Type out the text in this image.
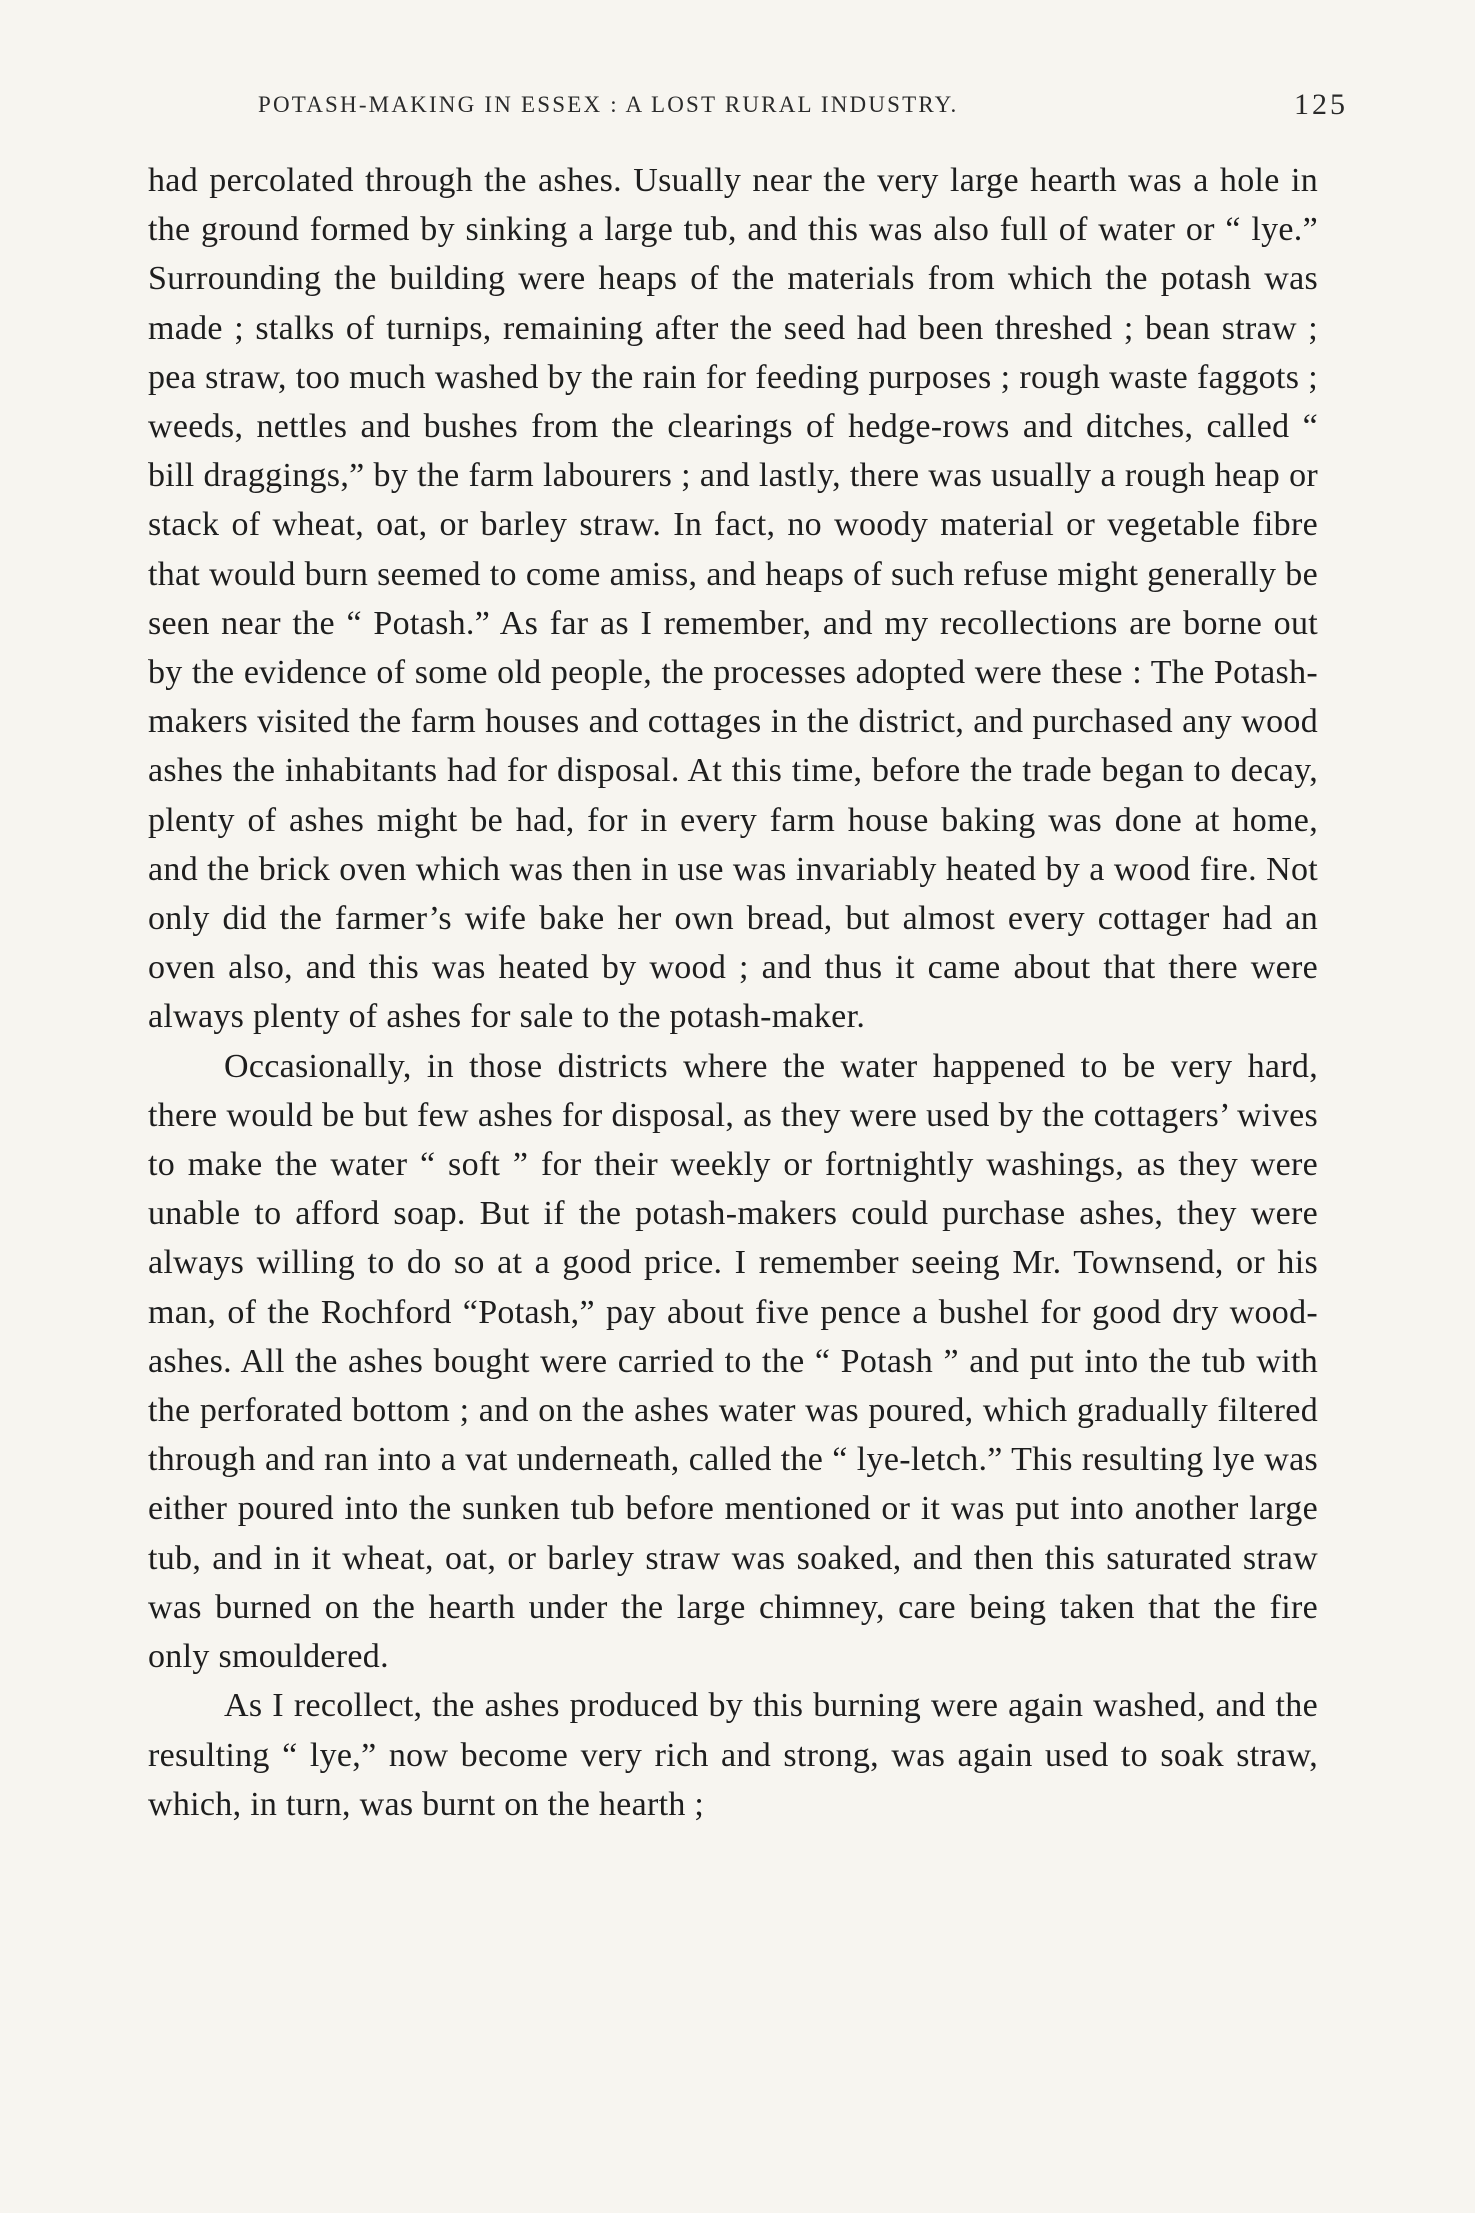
POTASH-MAKING IN ESSEX : A LOST RURAL INDUSTRY.	125

had percolated through the ashes. Usually near the very large hearth was a hole in the ground formed by sinking a large tub, and this was also full of water or “ lye.” Surrounding the building were heaps of the materials from which the potash was made ; stalks of turnips, remaining after the seed had been threshed ; bean straw ; pea straw, too much washed by the rain for feeding purposes ; rough waste faggots ; weeds, nettles and bushes from the clearings of hedge-rows and ditches, called “ bill draggings,” by the farm labourers ; and lastly, there was usually a rough heap or stack of wheat, oat, or barley straw. In fact, no woody material or vegetable fibre that would burn seemed to come amiss, and heaps of such refuse might generally be seen near the “ Potash.” As far as I remember, and my recollections are borne out by the evidence of some old people, the processes adopted were these : The Potash-makers visited the farm houses and cottages in the district, and purchased any wood ashes the inhabitants had for disposal. At this time, before the trade began to decay, plenty of ashes might be had, for in every farm house baking was done at home, and the brick oven which was then in use was invariably heated by a wood fire. Not only did the farmer’s wife bake her own bread, but almost every cottager had an oven also, and this was heated by wood ; and thus it came about that there were always plenty of ashes for sale to the potash-maker.

Occasionally, in those districts where the water happened to be very hard, there would be but few ashes for disposal, as they were used by the cottagers’ wives to make the water “ soft ” for their weekly or fortnightly washings, as they were unable to afford soap. But if the potash-makers could purchase ashes, they were always willing to do so at a good price. I remember seeing Mr. Townsend, or his man, of the Rochford “Potash,” pay about five pence a bushel for good dry wood-ashes. All the ashes bought were carried to the “ Potash ” and put into the tub with the perforated bottom ; and on the ashes water was poured, which gradually filtered through and ran into a vat underneath, called the “ lye-letch.” This resulting lye was either poured into the sunken tub before mentioned or it was put into another large tub, and in it wheat, oat, or barley straw was soaked, and then this saturated straw was burned on the hearth under the large chimney, care being taken that the fire only smouldered.

As I recollect, the ashes produced by this burning were again washed, and the resulting “ lye,” now become very rich and strong, was again used to soak straw, which, in turn, was burnt on the hearth ;
